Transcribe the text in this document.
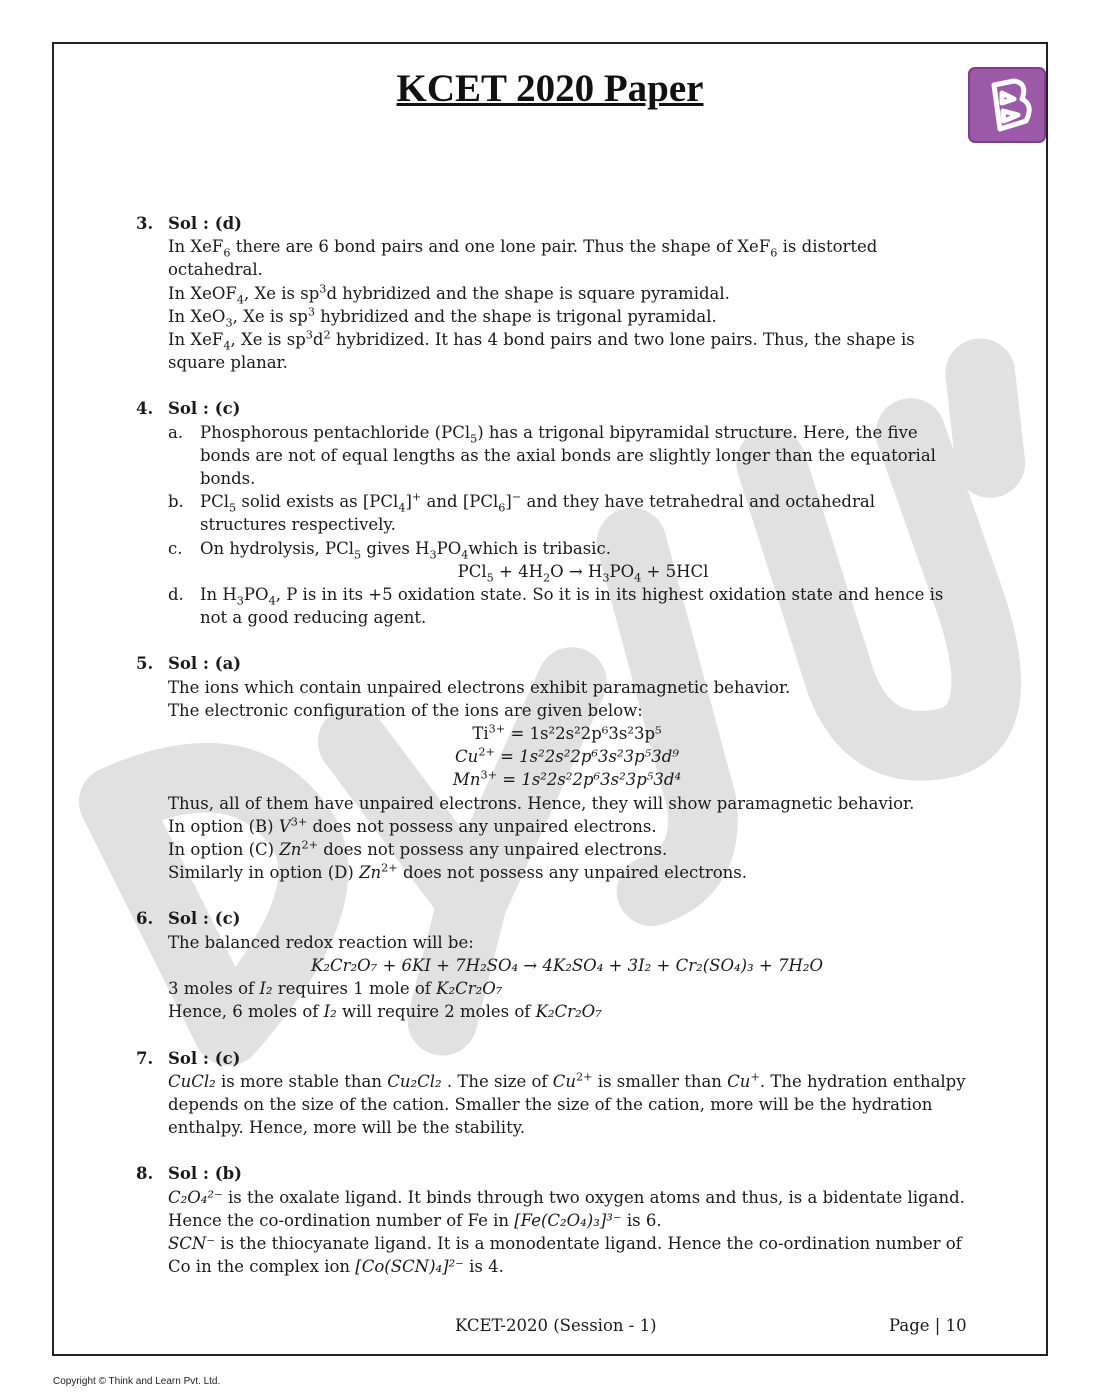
KCET 2020 Paper
3. Sol : (d)
In XeF$_6$ there are 6 bond pairs and one lone pair. Thus the shape of XeF$_6$ is distorted octahedral.
In XeOF$_4$, Xe is $sp^3d$ hybridized and the shape is square pyramidal.
In XeO$_3$, Xe is $sp^3$ hybridized and the shape is trigonal pyramidal.
In XeF$_4$, Xe is $sp^3d^2$ hybridized. It has 4 bond pairs and two lone pairs. Thus, the shape is square planar.
4. Sol : (c)
a. Phosphorous pentachloride (PCl$_5$) has a trigonal bipyramidal structure. Here, the five bonds are not of equal lengths as the axial bonds are slightly longer than the equatorial bonds.
b. PCl$_5$ solid exists as [PCl$_4$]+ and [PCl$_6$]− and they have tetrahedral and octahedral structures respectively.
c. On hydrolysis, PCl$_5$ gives $H_3PO_4which$ is tribasic.
$PCl_5 + 4H_2O \to H_3PO_4 + 5HCl$
d. In $H_3PO_4$, P is in its +5 oxidation state. So it is in its highest oxidation state and hence is not a good reducing agent.
5. Sol : (a)
The ions which contain unpaired electrons exhibit paramagnetic behavior.
The electronic configuration of the ions are given below:
$Ti^{3+} = 1s^22s^22p^63s^23p^5$
$Cu^{2+} = 1s^22s^22p^63s^23p^53d^9$
$Mn^{3+} = 1s^22s^22p^63s^23p^53d^4$
Thus, all of them have unpaired electrons. Hence, they will show paramagnetic behavior.
In option (B) $V^{3+}$ does not possess any unpaired electrons.
In option (C) $Zn^{2+}$ does not possess any unpaired electrons.
Similarly in option (D) $Zn^{2+}$ does not possess any unpaired electrons.
6. Sol : (c)
The balanced redox reaction will be:
K₂Cr₂O₇ + 6KI + 7H₂SO₄ → 4K₂SO₄ + 3I₂ + Cr₂(SO₄)₃ + 7H₂O
3 moles of I₂ requires 1 mole of K₂Cr₂O₇
Hence, 6 moles of I₂ will require 2 moles of K₂Cr₂O₇
7. Sol : (c)
CuCl₂ is more stable than Cu₂Cl₂ . The size of $Cu^{2+}$ is smaller than Cu+. The hydration enthalpy depends on the size of the cation. Smaller the size of the cation, more will be the hydration enthalpy. Hence, more will be the stability.
8. Sol : (b)
C₂O₄²⁻ is the oxalate ligand. It binds through two oxygen atoms and thus, is a bidentate ligand.
Hence the co-ordination number of Fe in [Fe(C₂O₄)₃]³⁻ is 6.
SCN⁻ is the thiocyanate ligand. It is a monodentate ligand. Hence the co-ordination number of Co in the complex ion [Co(SCN)₄]²⁻ is 4.
KCET-2020 (Session - 1)	Page | 10
Copyright © Think and Learn Pvt. Ltd.
